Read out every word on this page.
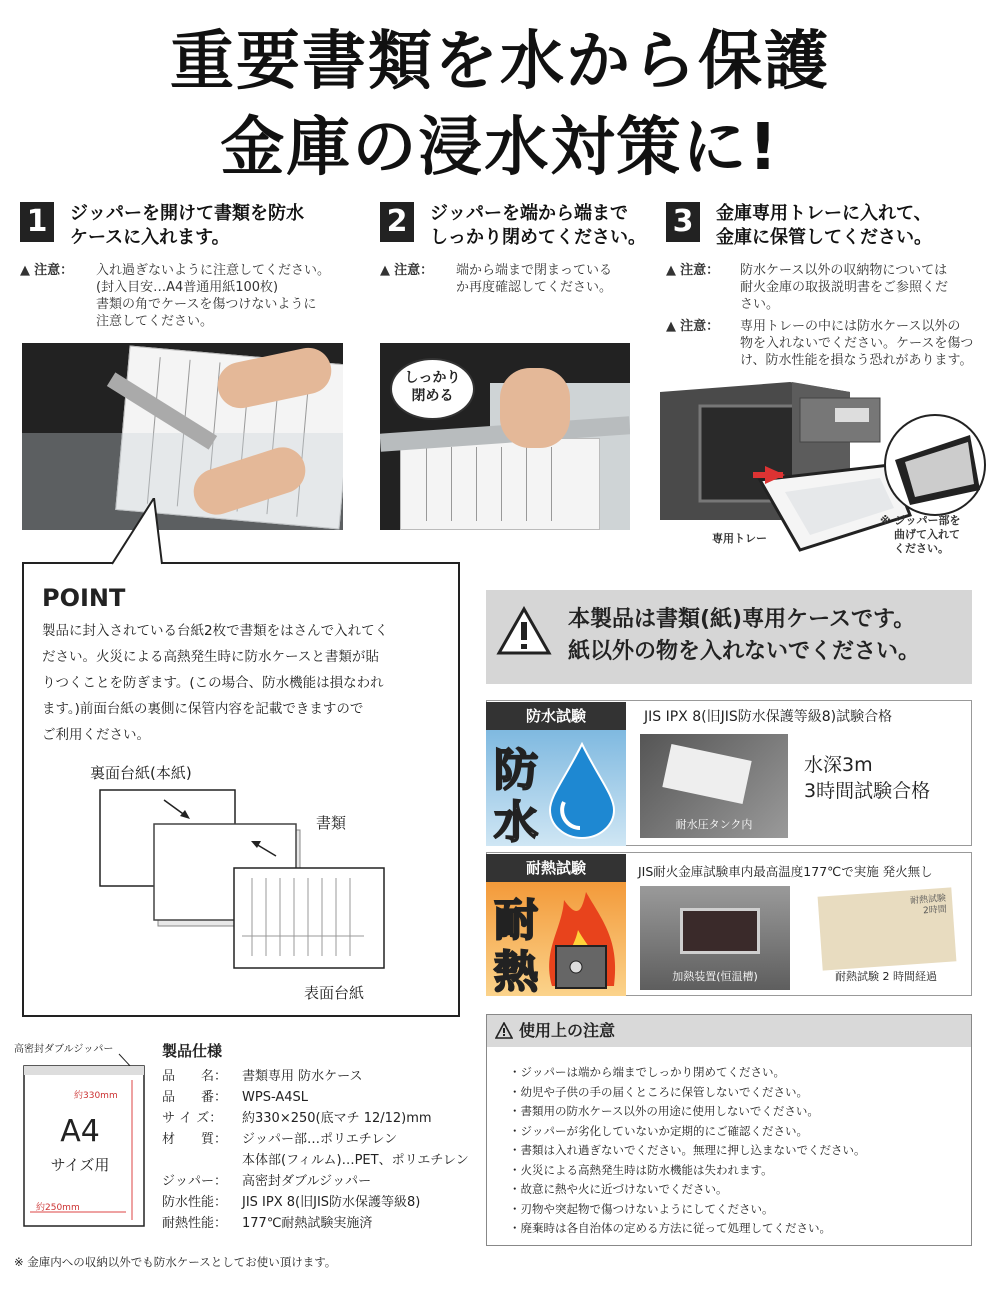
重要書類を水から保護
金庫の浸水対策に!
1	ジッパーを開けて書類を防水
ケースに入れます。
▲ 注意： 入れ過ぎないように注意してください。
(封入目安…A4普通用紙100枚)
書類の角でケースを傷つけないように
注意してください。
2	ジッパーを端から端まで
しっかり閉めてください。
▲ 注意： 端から端まで閉まっている
か再度確認してください。
しっかり
閉める
3	金庫専用トレーに入れて、
金庫に保管してください。
▲ 注意： 防水ケース以外の収納物については
耐火金庫の取扱説明書をご参照くだ
さい。
▲ 注意： 専用トレーの中には防水ケース以外の
物を入れないでください。ケースを傷つ
け、防水性能を損なう恐れがあります。
専用トレー
※ ジッパー部を
曲げて入れて
ください。
POINT
製品に封入されている台紙2枚で書類をはさんで入れてく
ださい。火災による高熱発生時に防水ケースと書類が貼
りつくことを防ぎます。(この場合、防水機能は損なわれ
ます。)前面台紙の裏側に保管内容を記載できますので
ご利用ください。
裏面台紙(本紙)
書類
表面台紙
本製品は書類(紙)専用ケースです。
紙以外の物を入れないでください。
防水試験
防
水
JIS IPX 8(旧JIS防水保護等級8)試験合格
耐水圧タンク内
水深3m
3時間試験合格
耐熱試験
耐
熱
JIS耐火金庫試験車内最高温度177℃で実施 発火無し
加熱装置(恒温槽)
耐熱試験
2時間
耐熱試験 2 時間経過
使用上の注意
・ジッパーは端から端までしっかり閉めてください。
・幼児や子供の手の届くところに保管しないでください。
・書類用の防水ケース以外の用途に使用しないでください。
・ジッパーが劣化していないか定期的にご確認ください。
・書類は入れ過ぎないでください。無理に押し込まないでください。
・火災による高熱発生時は防水機能は失われます。
・故意に熱や火に近づけないでください。
・刃物や突起物で傷つけないようにしてください。
・廃棄時は各自治体の定める方法に従って処理してください。
高密封ダブルジッパー
約330mm
約250mm
A4
サイズ用
製品仕様
品　　名： 書類専用 防水ケース
品　　番： WPS-A4SL
サ イ ズ： 約330×250(底マチ 12/12)mm
材　　質： ジッパー部…ポリエチレン
本体部(フィルム)…PET、ポリエチレン
ジッパー： 高密封ダブルジッパー
防水性能： JIS IPX 8(旧JIS防水保護等級8)
耐熱性能： 177℃耐熱試験実施済
※ 金庫内への収納以外でも防水ケースとしてお使い頂けます。
